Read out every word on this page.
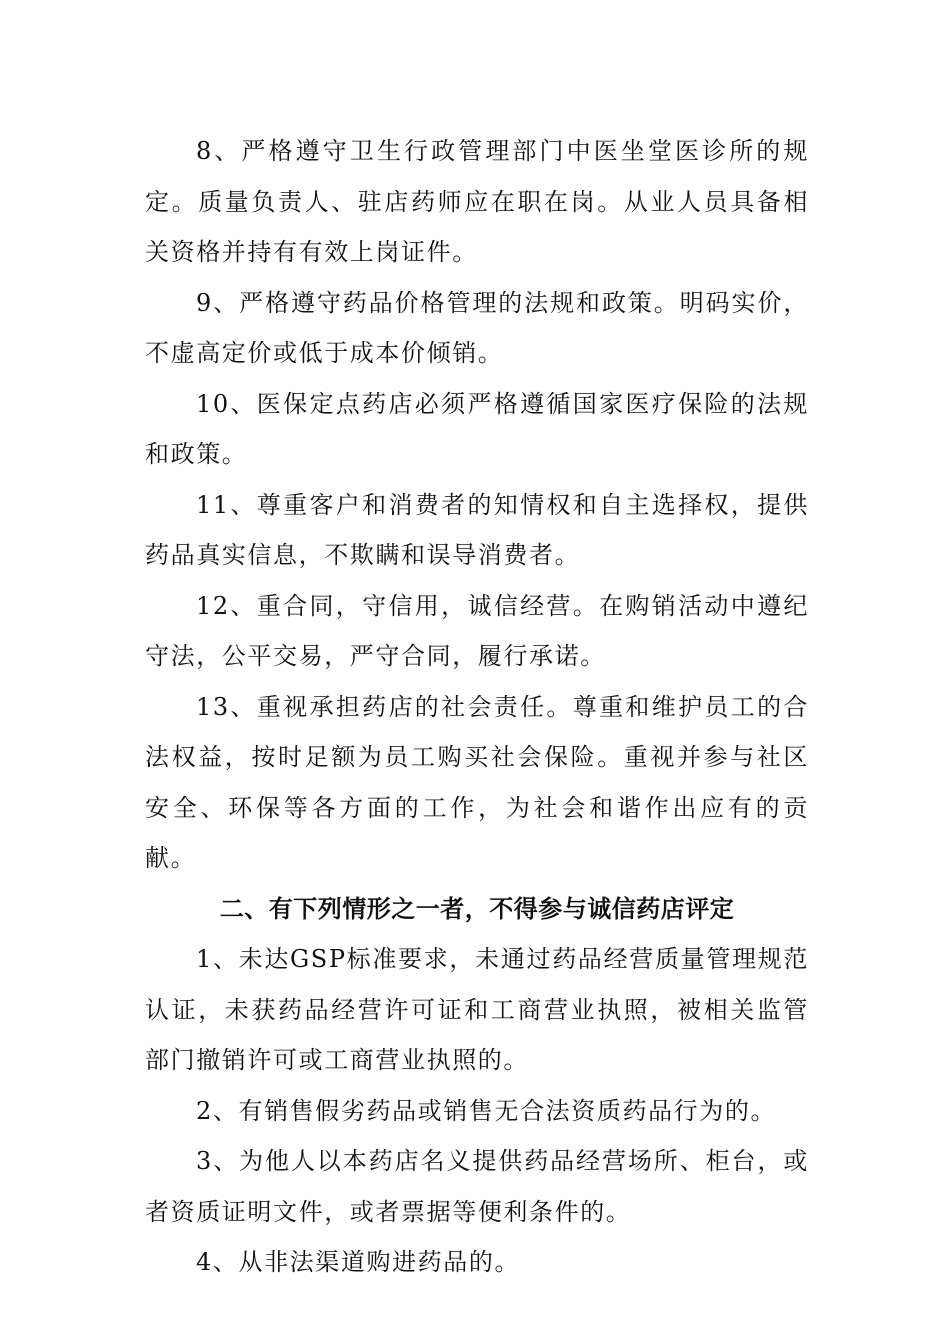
8、严格遵守卫生行政管理部门中医坐堂医诊所的规定。质量负责人、驻店药师应在职在岗。从业人员具备相关资格并持有有效上岗证件。

9、严格遵守药品价格管理的法规和政策。明码实价，不虚高定价或低于成本价倾销。

10、医保定点药店必须严格遵循国家医疗保险的法规和政策。

11、尊重客户和消费者的知情权和自主选择权，提供药品真实信息，不欺瞒和误导消费者。

12、重合同，守信用，诚信经营。在购销活动中遵纪守法，公平交易，严守合同，履行承诺。

13、重视承担药店的社会责任。尊重和维护员工的合法权益，按时足额为员工购买社会保险。重视并参与社区安全、环保等各方面的工作，为社会和谐作出应有的贡献。

二、有下列情形之一者，不得参与诚信药店评定

1、未达GSP标准要求，未通过药品经营质量管理规范认证，未获药品经营许可证和工商营业执照，被相关监管部门撤销许可或工商营业执照的。

2、有销售假劣药品或销售无合法资质药品行为的。

3、为他人以本药店名义提供药品经营场所、柜台，或者资质证明文件，或者票据等便利条件的。

4、从非法渠道购进药品的。
